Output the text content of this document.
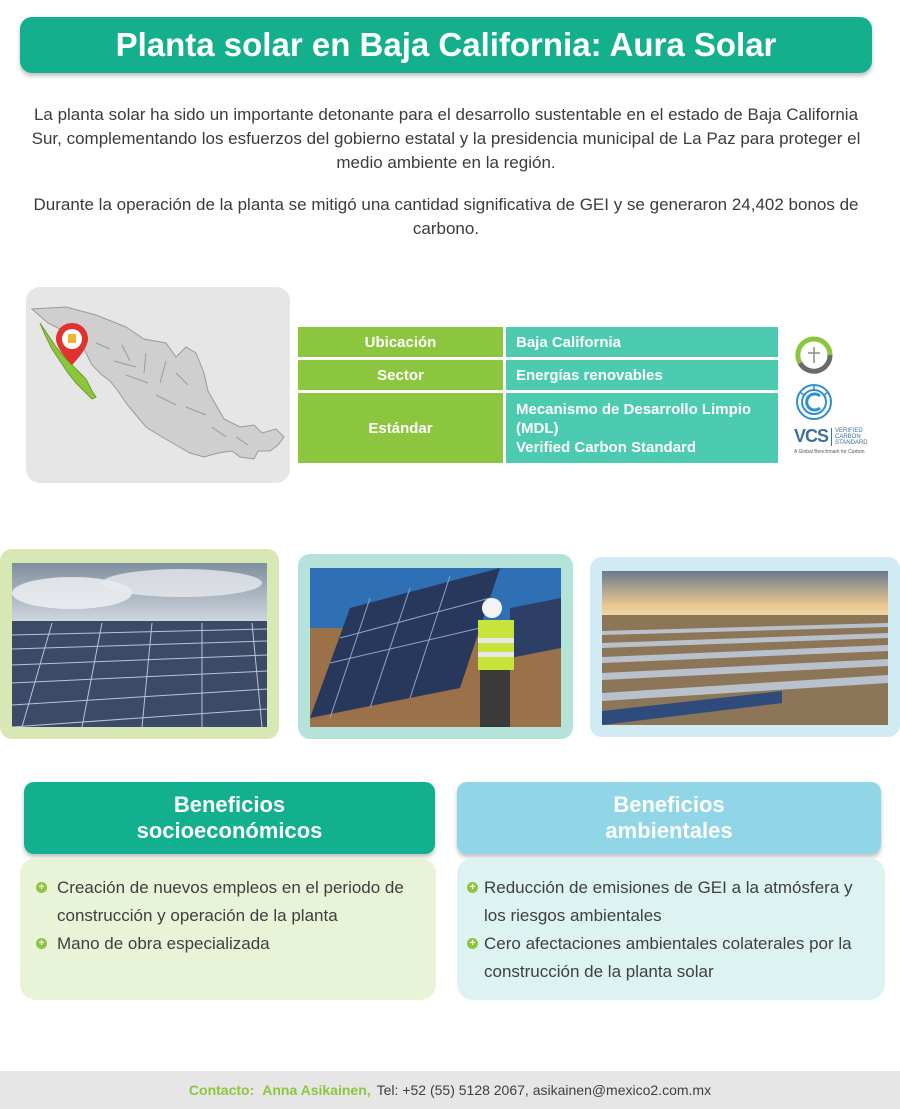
Planta solar en Baja California: Aura Solar

La planta solar ha sido un importante detonante para el desarrollo sustentable en el estado de Baja California Sur, complementando los esfuerzos del gobierno estatal y la presidencia municipal de La Paz para proteger el medio ambiente en la región.

Durante la operación de la planta se mitigó una cantidad significativa de GEI y se generaron 24,402 bonos de carbono.

Ubicación	Baja California
Sector	Energías renovables
Estándar
Mecanismo de Desarrollo Limpio (MDL)
Verified Carbon Standard

VCS VERIFIED
CARBON
STANDARD
A Global Benchmark for Carbon
Beneficios
socioeconómicos
Beneficios
ambientales
+ Creación de nuevos empleos en el periodo de construcción y operación de la planta
+ Mano de obra especializada
+ Reducción de emisiones de GEI a la atmósfera y los riesgos ambientales
+ Cero afectaciones ambientales colaterales por la construcción de la planta solar
Contacto: Anna Asikainen, Tel: +52 (55) 5128 2067, asikainen@mexico2.com.mx
